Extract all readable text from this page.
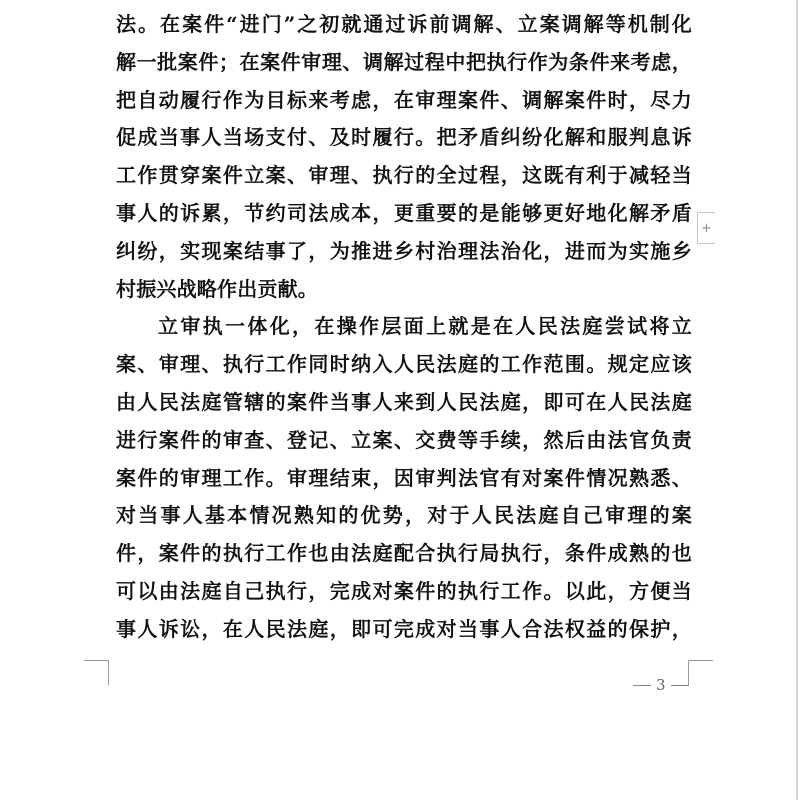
法。在案件“进门”之初就通过诉前调解、立案调解等机制化
解一批案件；在案件审理、调解过程中把执行作为条件来考虑，
把自动履行作为目标来考虑，在审理案件、调解案件时，尽力
促成当事人当场支付、及时履行。把矛盾纠纷化解和服判息诉
工作贯穿案件立案、审理、执行的全过程，这既有利于减轻当
事人的诉累，节约司法成本，更重要的是能够更好地化解矛盾
纠纷，实现案结事了，为推进乡村治理法治化，进而为实施乡
村振兴战略作出贡献。
立审执一体化，在操作层面上就是在人民法庭尝试将立
案、审理、执行工作同时纳入人民法庭的工作范围。规定应该
由人民法庭管辖的案件当事人来到人民法庭，即可在人民法庭
进行案件的审查、登记、立案、交费等手续，然后由法官负责
案件的审理工作。审理结束，因审判法官有对案件情况熟悉、
对当事人基本情况熟知的优势，对于人民法庭自己审理的案
件，案件的执行工作也由法庭配合执行局执行，条件成熟的也
可以由法庭自己执行，完成对案件的执行工作。以此，方便当
事人诉讼，在人民法庭，即可完成对当事人合法权益的保护，
+
3
